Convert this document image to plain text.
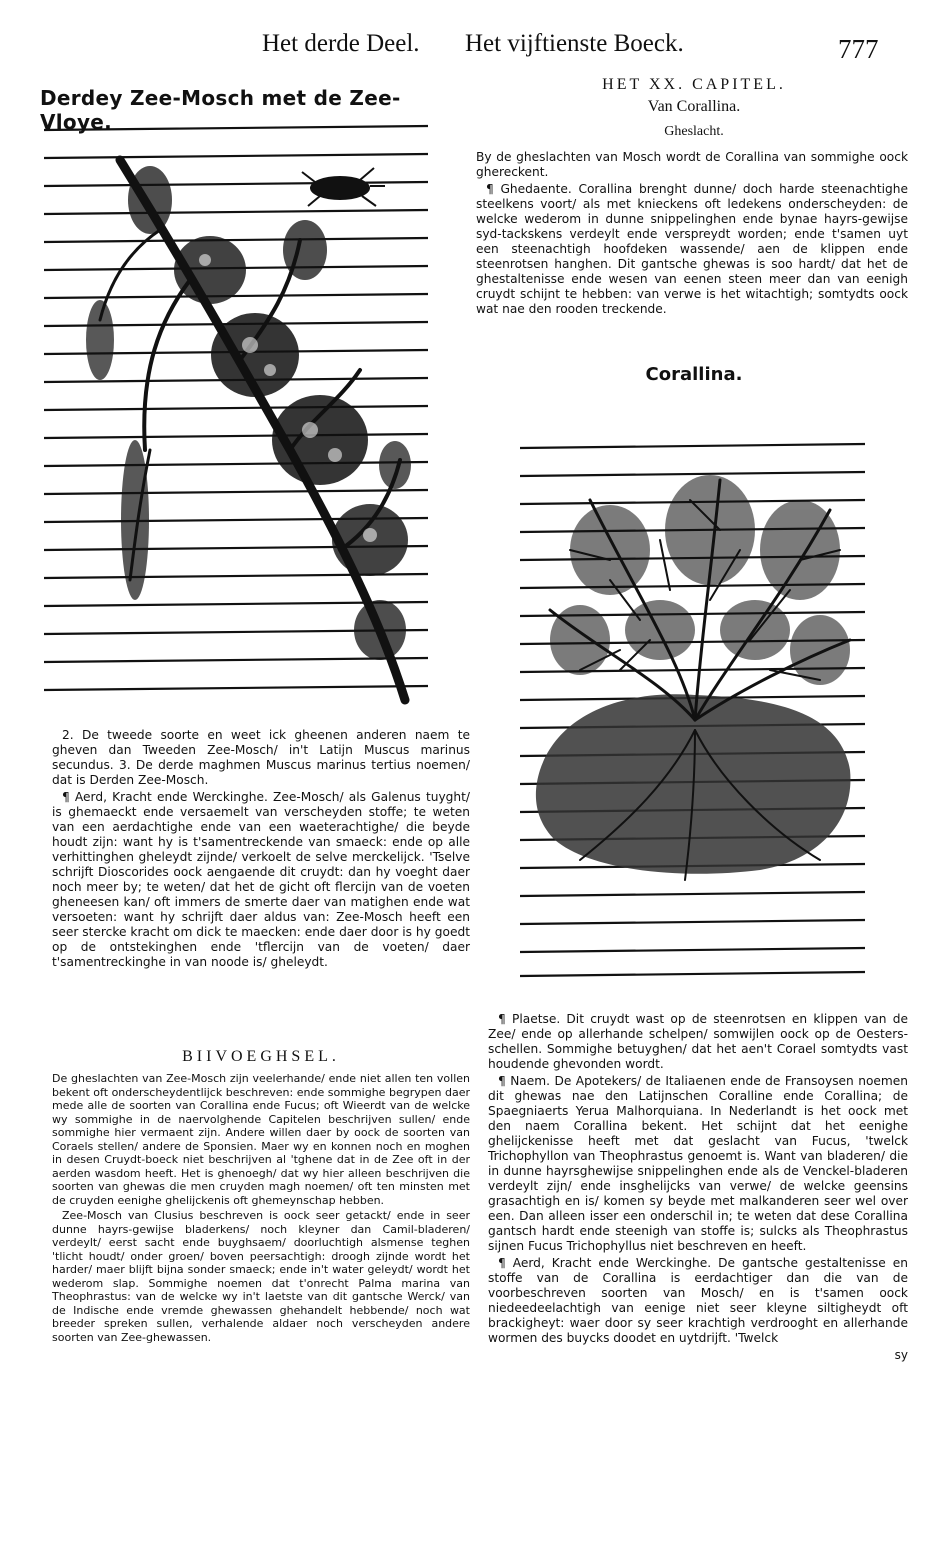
Het derde Deel. Het vijftienste Boeck.	777
Derdey Zee-Mosch met de Zee-Vloye.

2. De tweede soorte en weet ick gheenen anderen naem te gheven dan Tweeden Zee-Mosch/ in't Latijn Muscus marinus secundus. 3. De derde maghmen Muscus marinus tertius noemen/ dat is Derden Zee-Mosch.

¶ Aerd, Kracht ende Werckinghe. Zee-Mosch/ als Galenus tuyght/ is ghemaeckt ende versaemelt van verscheyden stoffe; te weten van een aerdachtighe ende van een waeterachtighe/ die beyde houdt zijn: want hy is t'samentreckende van smaeck: ende op alle verhittinghen gheleydt zijnde/ verkoelt de selve merckelijck. 'Tselve schrijft Dioscorides oock aengaende dit cruydt: dan hy voeght daer noch meer by; te weten/ dat het de gicht oft flercijn van de voeten gheneesen kan/ oft immers de smerte daer van matighen ende wat versoeten: want hy schrijft daer aldus van: Zee-Mosch heeft een seer stercke kracht om dick te maecken: ende daer door is hy goedt op de ontstekinghen ende 'tflercijn van de voeten/ daer t'samentreckinghe in van noode is/ gheleydt.

BIIVOEGHSEL.

De gheslachten van Zee-Mosch zijn veelerhande/ ende niet allen ten vollen bekent oft onderscheydentlijck beschreven: ende sommighe begrypen daer mede alle de soorten van Corallina ende Fucus; oft Wieerdt van de welcke wy sommighe in de naervolghende Capitelen beschrijven sullen/ ende sommighe hier vermaent zijn. Andere willen daer by oock de soorten van Coraels stellen/ andere de Sponsien. Maer wy en konnen noch en moghen in desen Cruydt-boeck niet beschrijven al 'tghene dat in de Zee oft in der aerden wasdom heeft. Het is ghenoegh/ dat wy hier alleen beschrijven die soorten van ghewas die men cruyden magh noemen/ oft ten minsten met de cruyden eenighe ghelijckenis oft ghemeynschap hebben.

Zee-Mosch van Clusius beschreven is oock seer getackt/ ende in seer dunne hayrs-gewijse bladerkens/ noch kleyner dan Camil-bladeren/ verdeylt/ eerst sacht ende buyghsaem/ doorluchtigh alsmense teghen 'tlicht houdt/ onder groen/ boven peersachtigh: droogh zijnde wordt het harder/ maer blijft bijna sonder smaeck; ende in't water geleydt/ wordt het wederom slap. Sommighe noemen dat t'onrecht Palma marina van Theophrastus: van de welcke wy in't laetste van dit gantsche Werck/ van de Indische ende vremde ghewassen ghehandelt hebbende/ noch wat breeder spreken sullen, verhalende aldaer noch verscheyden andere soorten van Zee-ghewassen.

HET XX. CAPITEL.
Van Corallina.
Gheslacht.

By de gheslachten van Mosch wordt de Corallina van sommighe oock ghereckent.

¶ Ghedaente. Corallina brenght dunne/ doch harde steenachtighe steelkens voort/ als met knieckens oft ledekens onderscheyden: de welcke wederom in dunne snippelinghen ende bynae hayrs-gewijse syd-tackskens verdeylt ende verspreydt worden; ende t'samen uyt een steenachtigh hoofdeken wassende/ aen de klippen ende steenrotsen hanghen. Dit gantsche ghewas is soo hardt/ dat het de ghestaltenisse ende wesen van eenen steen meer dan van eenigh cruydt schijnt te hebben: van verwe is het witachtigh; somtydts oock wat nae den rooden treckende.

Corallina.

¶ Plaetse. Dit cruydt wast op de steenrotsen en klippen van de Zee/ ende op allerhande schelpen/ somwijlen oock op de Oesters-schellen. Sommighe betuyghen/ dat het aen't Corael somtydts vast houdende ghevonden wordt.

¶ Naem. De Apotekers/ de Italiaenen ende de Fransoysen noemen dit ghewas nae den Latijnschen Coralline ende Corallina; de Spaegniaerts Yerua Malhorquiana. In Nederlandt is het oock met den naem Corallina bekent. Het schijnt dat het eenighe ghelijckenisse heeft met dat geslacht van Fucus, 'twelck Trichophyllon van Theophrastus genoemt is. Want van bladeren/ die in dunne hayrsghewijse snippelinghen ende als de Venckel-bladeren verdeylt zijn/ ende insghelijcks van verwe/ de welcke geensins grasachtigh en is/ komen sy beyde met malkanderen seer wel over een. Dan alleen isser een onderschil in; te weten dat dese Corallina gantsch hardt ende steenigh van stoffe is; sulcks als Theophrastus sijnen Fucus Trichophyllus niet beschreven en heeft.

¶ Aerd, Kracht ende Werckinghe. De gantsche gestaltenisse en stoffe van de Corallina is eerdachtiger dan die van de voorbeschreven soorten van Mosch/ en is t'samen oock niedeedeelachtigh van eenige niet seer kleyne siltigheydt oft brackigheyt: waer door sy seer krachtigh verdrooght en allerhande wormen des buycks doodet en uytdrijft. 'Twelck

sy
